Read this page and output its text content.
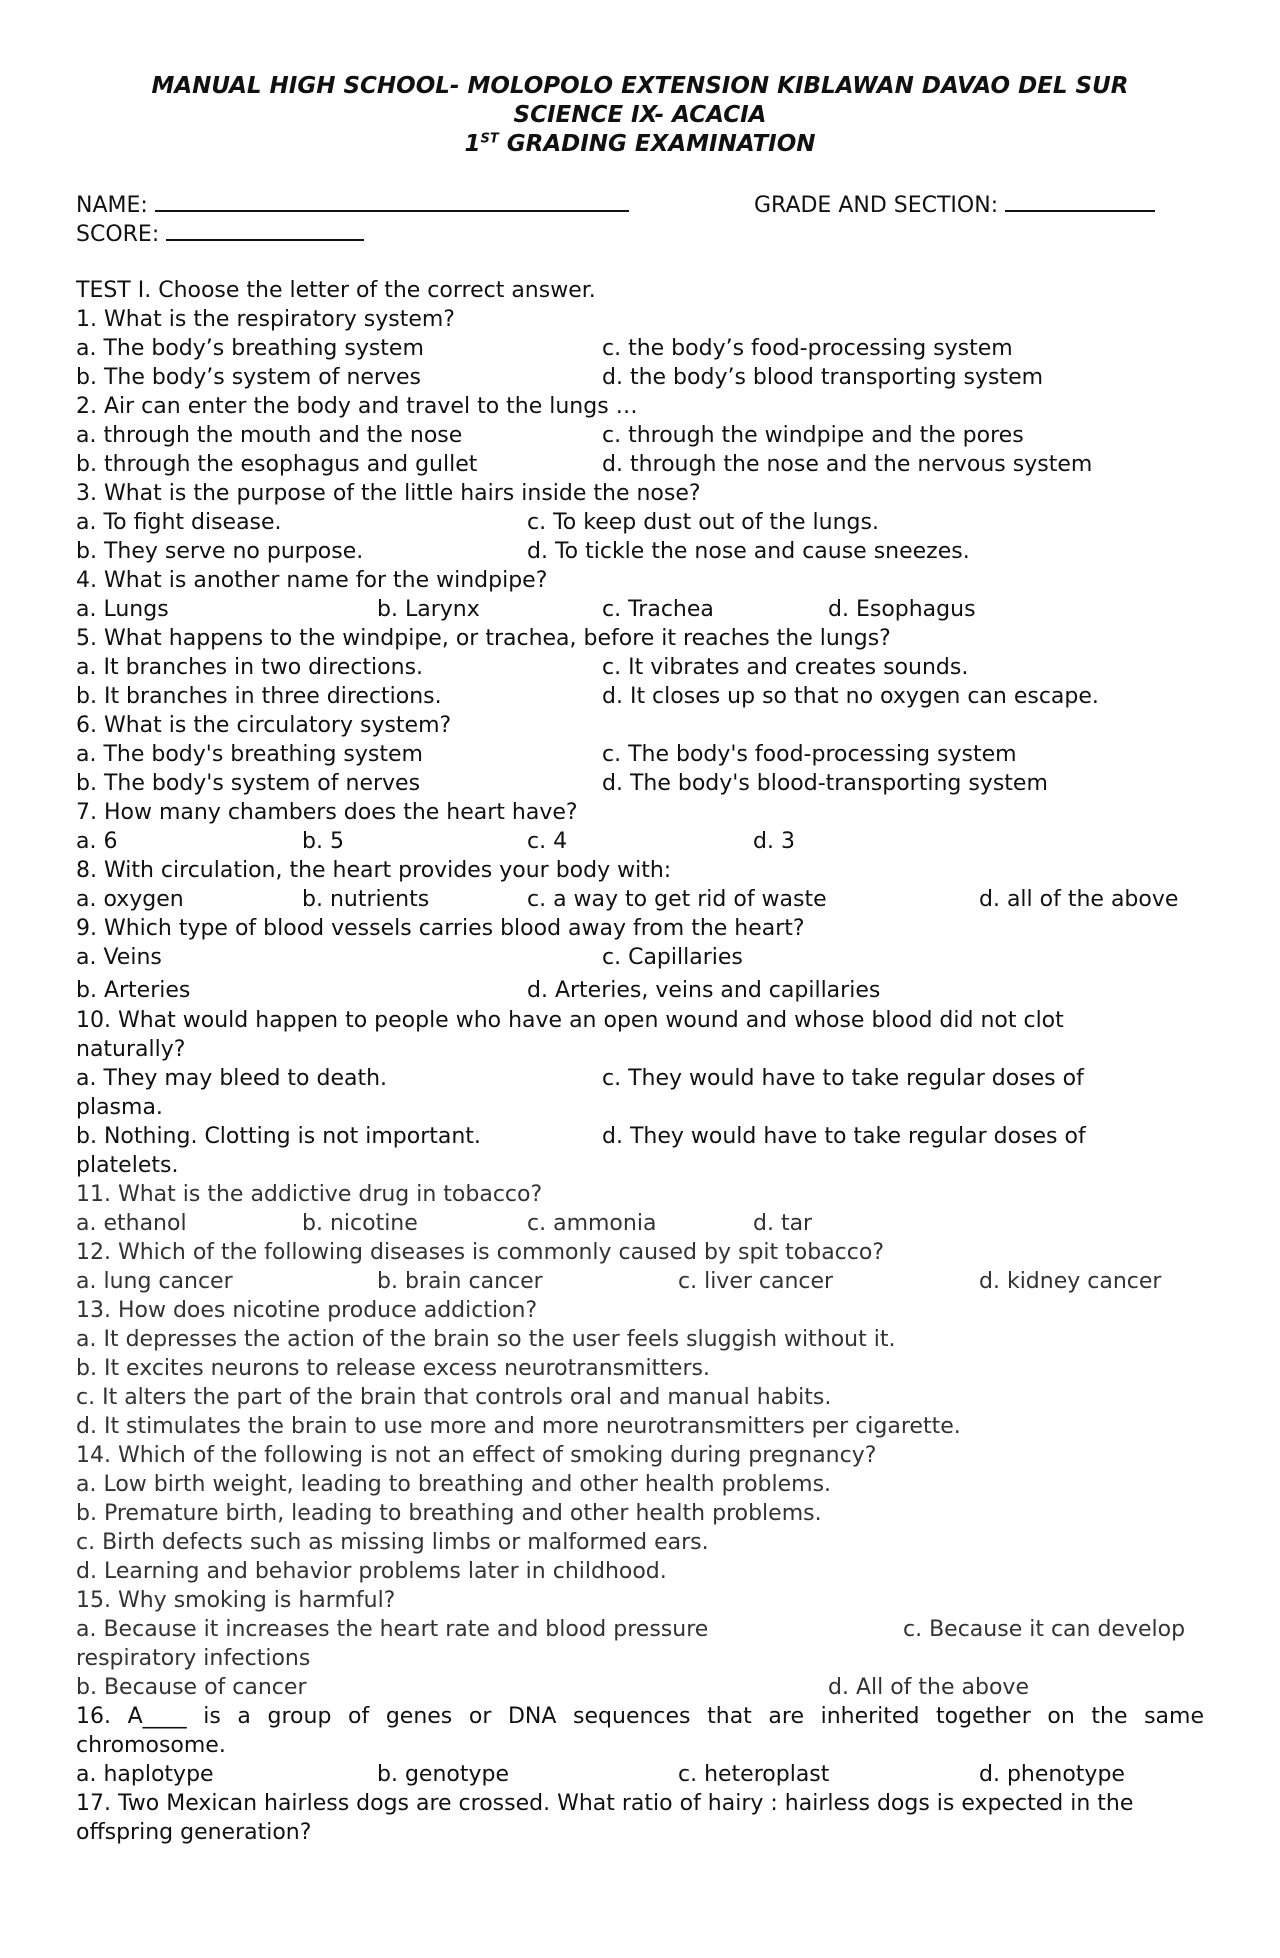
MANUAL HIGH SCHOOL- MOLOPOLO EXTENSION KIBLAWAN DAVAO DEL SUR
SCIENCE IX- ACACIA
1ST GRADING EXAMINATION
NAME:	GRADE AND SECTION:
SCORE:
TEST I. Choose the letter of the correct answer.
1. What is the respiratory system?
a. The body’s breathing system	c. the body’s food-processing system
b. The body’s system of nerves	d. the body’s blood transporting system
2. Air can enter the body and travel to the lungs …
a. through the mouth and the nose	c. through the windpipe and the pores
b. through the esophagus and gullet	d. through the nose and the nervous system
3. What is the purpose of the little hairs inside the nose?
a. To fight disease.	c. To keep dust out of the lungs.
b. They serve no purpose.	d. To tickle the nose and cause sneezes.
4. What is another name for the windpipe?
a. Lungs	b. Larynx	c. Trachea	d. Esophagus
5. What happens to the windpipe, or trachea, before it reaches the lungs?
a. It branches in two directions.	c. It vibrates and creates sounds.
b. It branches in three directions.	d. It closes up so that no oxygen can escape.
6. What is the circulatory system?
a. The body's breathing system	c. The body's food-processing system
b. The body's system of nerves	d. The body's blood-transporting system
7. How many chambers does the heart have?
a. 6	b. 5	c. 4	d. 3
8. With circulation, the heart provides your body with:
a. oxygen	b. nutrients	c. a way to get rid of waste	d. all of the above
9. Which type of blood vessels carries blood away from the heart?
a. Veins	c. Capillaries
b. Arteries	d. Arteries, veins and capillaries
10. What would happen to people who have an open wound and whose blood did not clot
naturally?
a. They may bleed to death.	c. They would have to take regular doses of
plasma.
b. Nothing. Clotting is not important.	d. They would have to take regular doses of
platelets.
11. What is the addictive drug in tobacco?
a. ethanol	b. nicotine	c. ammonia	d. tar
12. Which of the following diseases is commonly caused by spit tobacco?
a. lung cancer	b. brain cancer	c. liver cancer	d. kidney cancer
13. How does nicotine produce addiction?
a. It depresses the action of the brain so the user feels sluggish without it.
b. It excites neurons to release excess neurotransmitters.
c. It alters the part of the brain that controls oral and manual habits.
d. It stimulates the brain to use more and more neurotransmitters per cigarette.
14. Which of the following is not an effect of smoking during pregnancy?
a. Low birth weight, leading to breathing and other health problems.
b. Premature birth, leading to breathing and other health problems.
c. Birth defects such as missing limbs or malformed ears.
d. Learning and behavior problems later in childhood.
15. Why smoking is harmful?
a. Because it increases the heart rate and blood pressure	c. Because it can develop
respiratory infections
b. Because of cancer	d. All of the above
16. A____ is a group of genes or DNA sequences that are inherited together on the same
chromosome.
a. haplotype	b. genotype	c. heteroplast	d. phenotype
17. Two Mexican hairless dogs are crossed. What ratio of hairy : hairless dogs is expected in the
offspring generation?
